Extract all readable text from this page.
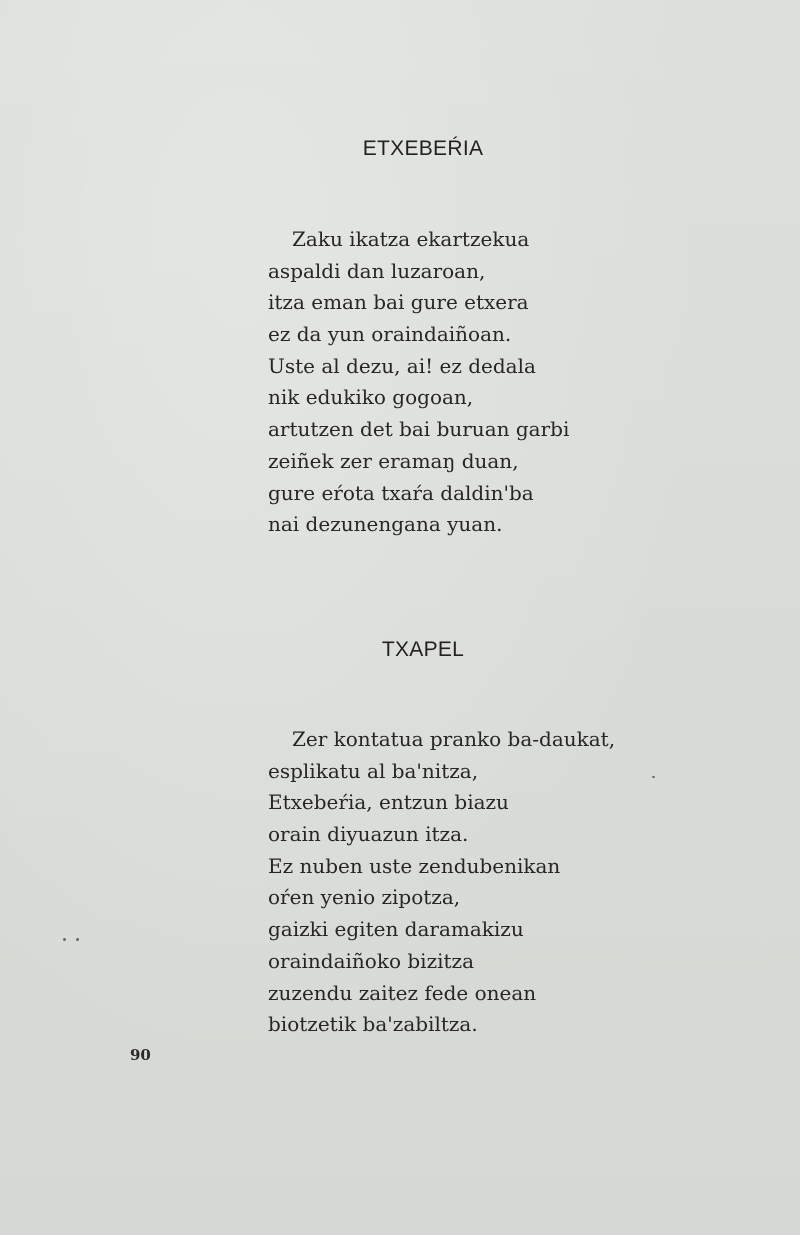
ETXEBEŔIA
Zaku ikatza ekartzekua
aspaldi dan luzaroan,
itza eman bai gure etxera
ez da yun oraindaiñoan.
Uste al dezu, ai! ez dedala
nik edukiko gogoan,
artutzen det bai buruan garbi
zeiñek zer eramaŋ duan,
gure eŕota txaŕa daldin'ba
nai dezunengana yuan.
TXAPEL
Zer kontatua pranko ba-daukat,
esplikatu al ba'nitza,
Etxebeŕia, entzun biazu
orain diyuazun itza.
Ez nuben uste zendubenikan
oŕen yenio zipotza,
gaizki egiten daramakizu
oraindaiñoko bizitza
zuzendu zaitez fede onean
biotzetik ba'zabiltza.
90
